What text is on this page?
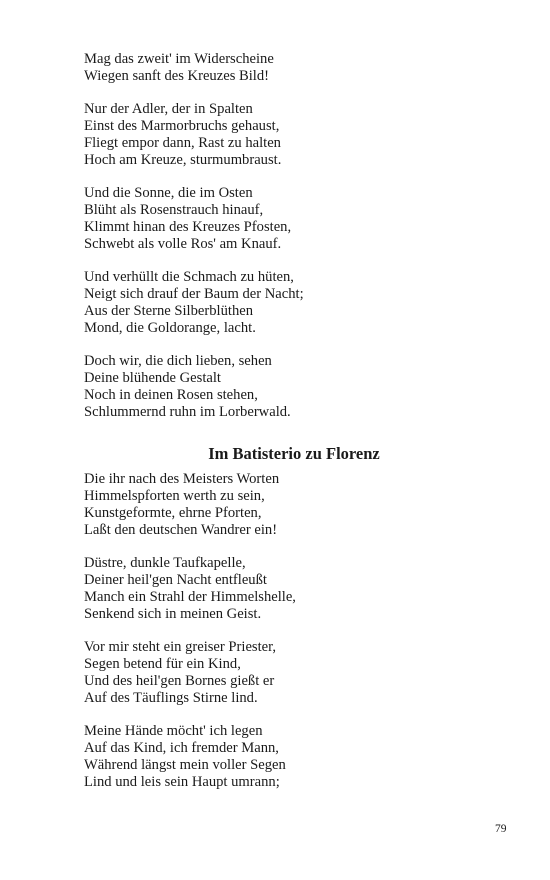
Mag das zweit' im Widerscheine
Wiegen sanft des Kreuzes Bild!
Nur der Adler, der in Spalten
Einst des Marmorbruchs gehaust,
Fliegt empor dann, Rast zu halten
Hoch am Kreuze, sturmumbraust.
Und die Sonne, die im Osten
Blüht als Rosenstrauch hinauf,
Klimmt hinan des Kreuzes Pfosten,
Schwebt als volle Ros' am Knauf.
Und verhüllt die Schmach zu hüten,
Neigt sich drauf der Baum der Nacht;
Aus der Sterne Silberblüthen
Mond, die Goldorange, lacht.
Doch wir, die dich lieben, sehen
Deine blühende Gestalt
Noch in deinen Rosen stehen,
Schlummernd ruhn im Lorberwald.
Im Batisterio zu Florenz
Die ihr nach des Meisters Worten
Himmelspforten werth zu sein,
Kunstgeformte, ehrne Pforten,
Laßt den deutschen Wandrer ein!
Düstre, dunkle Taufkapelle,
Deiner heil'gen Nacht entfleußt
Manch ein Strahl der Himmelshelle,
Senkend sich in meinen Geist.
Vor mir steht ein greiser Priester,
Segen betend für ein Kind,
Und des heil'gen Bornes gießt er
Auf des Täuflings Stirne lind.
Meine Hände möcht' ich legen
Auf das Kind, ich fremder Mann,
Während längst mein voller Segen
Lind und leis sein Haupt umrann;
79
